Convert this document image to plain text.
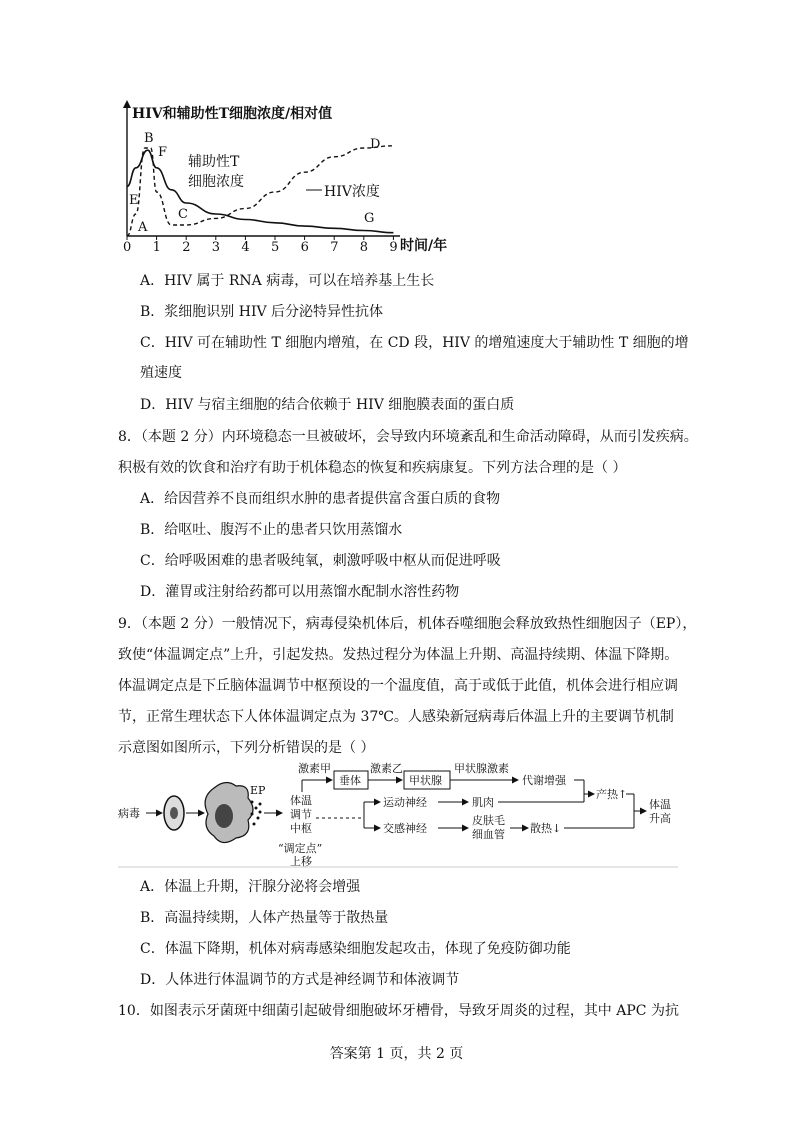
0 1 2 3 4 5 6 7 8 9
HIV和辅助性T细胞浓度/相对值
时间/年
B
F
E
A
C
D
G
辅助性T
细胞浓度
HIV浓度
A．HIV 属于 RNA 病毒，可以在培养基上生长
B．浆细胞识别 HIV 后分泌特异性抗体
C．HIV 可在辅助性 T 细胞内增殖，在 CD 段，HIV 的增殖速度大于辅助性 T 细胞的增
殖速度
D．HIV 与宿主细胞的结合依赖于 HIV 细胞膜表面的蛋白质
8．（本题 2 分）内环境稳态一旦被破坏，会导致内环境紊乱和生命活动障碍，从而引发疾病。
积极有效的饮食和治疗有助于机体稳态的恢复和疾病康复。下列方法合理的是（ ）
A．给因营养不良而组织水肿的患者提供富含蛋白质的食物
B．给呕吐、腹泻不止的患者只饮用蒸馏水
C．给呼吸困难的患者吸纯氧，刺激呼吸中枢从而促进呼吸
D．灌胃或注射给药都可以用蒸馏水配制水溶性药物
9．（本题 2 分）一般情况下，病毒侵染机体后，机体吞噬细胞会释放致热性细胞因子（EP），
致使“体温调定点”上升，引起发热。发热过程分为体温上升期、高温持续期、体温下降期。
体温调定点是下丘脑体温调节中枢预设的一个温度值，高于或低于此值，机体会进行相应调
节，正常生理状态下人体体温调定点为 37℃。人感染新冠病毒后体温上升的主要调节机制
示意图如图所示，下列分析错误的是（ ）
病毒
EP
体温
调节
中枢
“调定点”
上移
激素甲
垂体
激素乙
甲状腺
甲状腺激素
代谢增强
运动神经	肌肉
产热↑
交感神经
皮肤毛
细血管 散热↓
体温
升高
A．体温上升期，汗腺分泌将会增强
B．高温持续期，人体产热量等于散热量
C．体温下降期，机体对病毒感染细胞发起攻击，体现了免疫防御功能
D．人体进行体温调节的方式是神经调节和体液调节
10．如图表示牙菌斑中细菌引起破骨细胞破坏牙槽骨，导致牙周炎的过程，其中 APC 为抗
答案第 1 页，共 2 页
